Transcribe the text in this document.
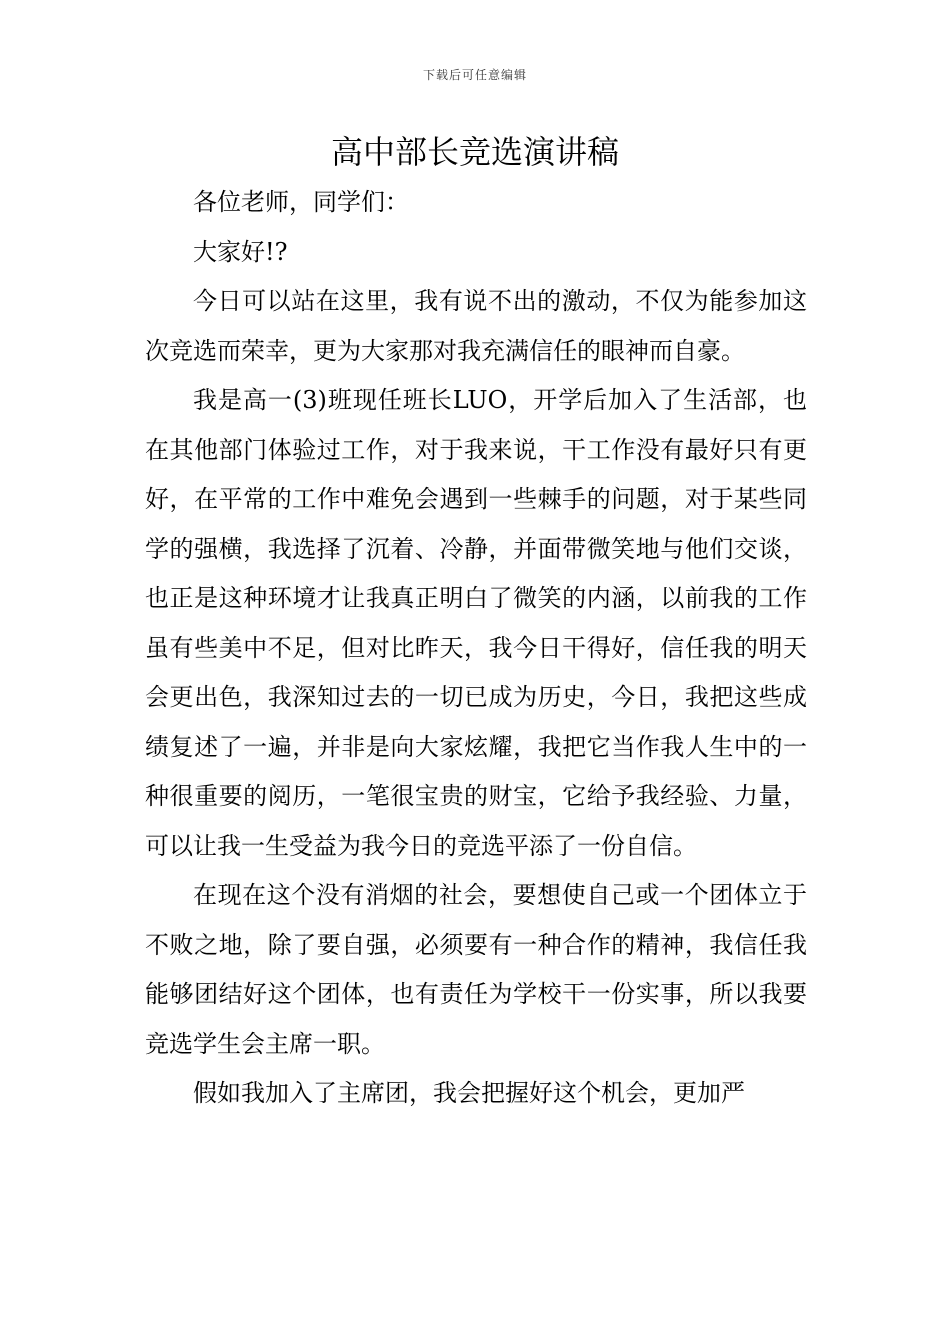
下载后可任意编辑
高中部长竞选演讲稿

各位老师，同学们：

大家好!?

今日可以站在这里，我有说不出的激动，不仅为能参加这次竞选而荣幸，更为大家那对我充满信任的眼神而自豪。

我是高一(3)班现任班长LUO，开学后加入了生活部，也在其他部门体验过工作，对于我来说，干工作没有最好只有更好，在平常的工作中难免会遇到一些棘手的问题，对于某些同学的强横，我选择了沉着、冷静，并面带微笑地与他们交谈，也正是这种环境才让我真正明白了微笑的内涵，以前我的工作虽有些美中不足，但对比昨天，我今日干得好，信任我的明天会更出色，我深知过去的一切已成为历史，今日，我把这些成绩复述了一遍，并非是向大家炫耀，我把它当作我人生中的一种很重要的阅历，一笔很宝贵的财宝，它给予我经验、力量，可以让我一生受益为我今日的竞选平添了一份自信。

在现在这个没有消烟的社会，要想使自己或一个团体立于不败之地，除了要自强，必须要有一种合作的精神，我信任我能够团结好这个团体，也有责任为学校干一份实事，所以我要竞选学生会主席一职。

假如我加入了主席团，我会把握好这个机会，更加严
